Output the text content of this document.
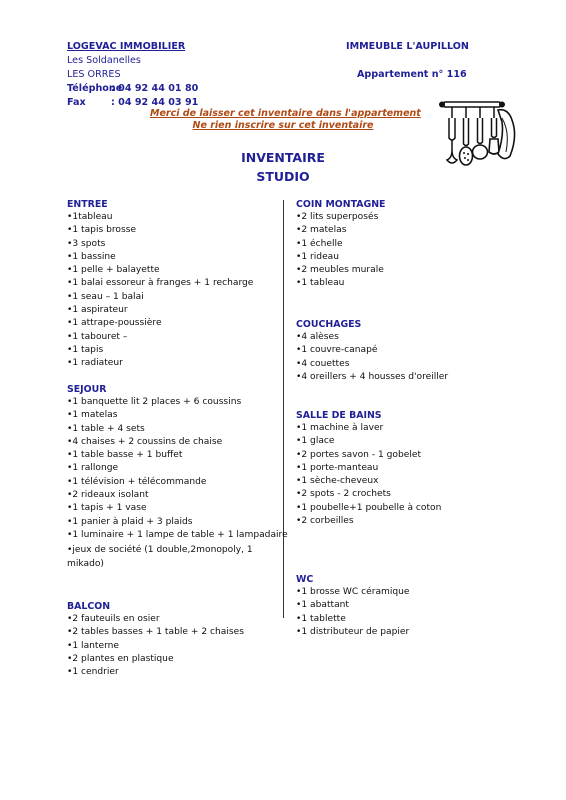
LOGEVAC IMMOBILIER
Les Soldanelles
LES ORRES
Téléphone: 04 92 44 01 80
Fax	: 04 92 44 03 91
IMMEUBLE L'AUPILLON
Appartement n° 116
Merci de laisser cet inventaire dans l'appartement
Ne rien inscrire sur cet inventaire
INVENTAIRE
STUDIO
ENTREE
•1tableau
•1 tapis brosse
•3 spots
•1 bassine
•1 pelle + balayette
•1 balai essoreur à franges + 1 recharge
•1 seau – 1 balai
•1 aspirateur
•1 attrape-poussière
•1 tabouret –
•1 tapis
•1 radiateur
SEJOUR
•1 banquette lit 2 places + 6 coussins
•1 matelas
•1 table + 4 sets
•4 chaises + 2 coussins de chaise
•1 table basse + 1 buffet
•1 rallonge
•1 télévision + télécommande
•2 rideaux isolant
•1 tapis + 1 vase
•1 panier à plaid + 3 plaids
•1 luminaire + 1 lampe de table + 1 lampadaire
•jeux de société (1 double,2monopoly, 1 mikado)
BALCON
•2 fauteuils en osier
•2 tables basses + 1 table + 2 chaises
•1 lanterne
•2 plantes en plastique
•1 cendrier
COIN MONTAGNE
•2 lits superposés
•2 matelas
•1 échelle
•1 rideau
•2 meubles murale
•1 tableau
COUCHAGES
•4 alèses
•1 couvre-canapé
•4 couettes
•4 oreillers + 4 housses d'oreiller
SALLE DE BAINS
•1 machine à laver
•1 glace
•2 portes savon - 1 gobelet
•1 porte-manteau
•1 sèche-cheveux
•2 spots - 2 crochets
•1 poubelle+1 poubelle à coton
•2 corbeilles
WC
•1 brosse WC céramique
•1 abattant
•1 tablette
•1 distributeur de papier
